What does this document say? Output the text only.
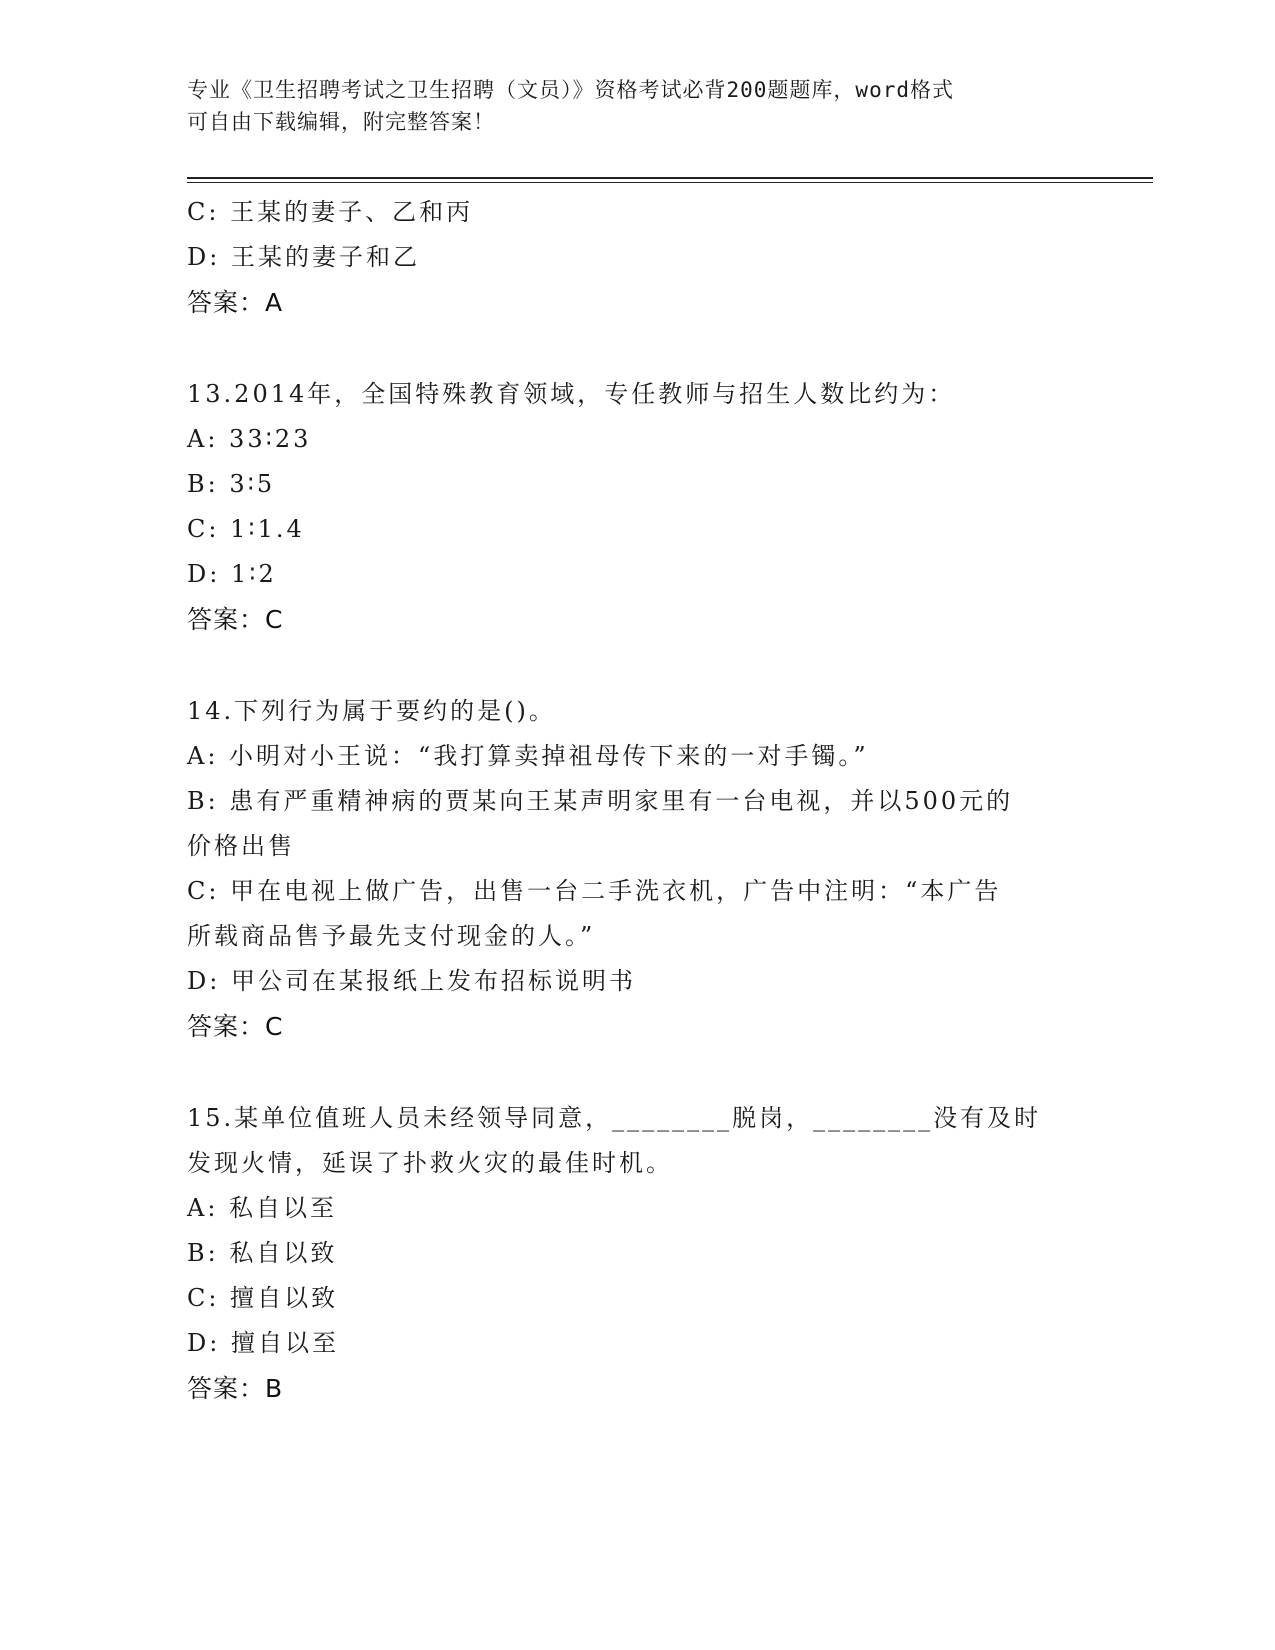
专业《卫生招聘考试之卫生招聘（文员）》资格考试必背200题题库，word格式
可自由下载编辑，附完整答案！
C: 王某的妻子、乙和丙
D: 王某的妻子和乙
答案：A
13.2014年，全国特殊教育领域，专任教师与招生人数比约为：
A: 33∶23
B: 3∶5
C: 1∶1.4
D: 1∶2
答案：C
14.下列行为属于要约的是()。
A: 小明对小王说：“我打算卖掉祖母传下来的一对手镯。”
B: 患有严重精神病的贾某向王某声明家里有一台电视，并以500元的
价格出售
C: 甲在电视上做广告，出售一台二手洗衣机，广告中注明：“本广告
所载商品售予最先支付现金的人。”
D: 甲公司在某报纸上发布招标说明书
答案：C
15.某单位值班人员未经领导同意，________脱岗，________没有及时
发现火情，延误了扑救火灾的最佳时机。
A: 私自以至
B: 私自以致
C: 擅自以致
D: 擅自以至
答案：B
